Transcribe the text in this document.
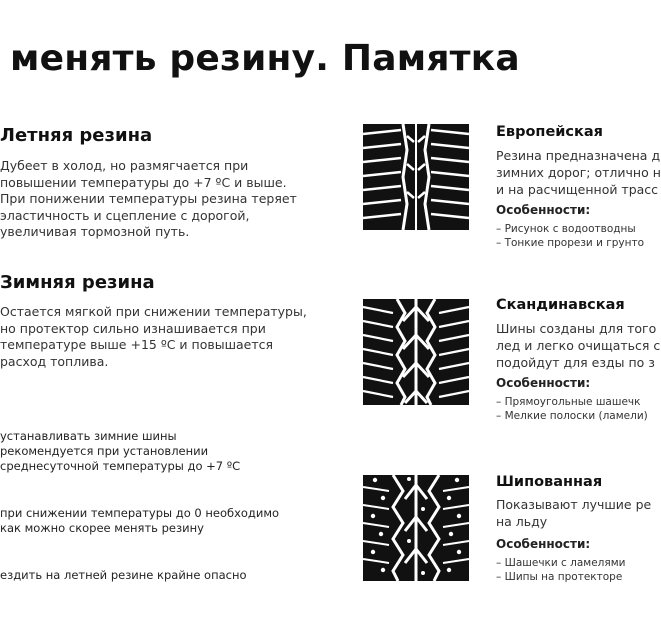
менять резину. Памятка
Летняя резина
Дубеет в холод, но размягчается при
повышении температуры до +7 ºС и выше.
При понижении температуры резина теряет
эластичность и сцепление с дорогой,
увеличивая тормозной путь.
Зимняя резина
Остается мягкой при снижении температуры,
но протектор сильно изнашивается при
температуре выше +15 ºС и повышается
расход топлива.
устанавливать зимние шины
рекомендуется при установлении
среднесуточной температуры до +7 ºС
при снижении температуры до 0 необходимо
как можно скорее менять резину
ездить на летней резине крайне опасно
Европейская
Резина предназначена д
зимних дорог; отлично н
и на расчищенной трасс
Особенности:
– Рисунок с водоотводны
– Тонкие прорези и грунто
Скандинавская
Шины созданы для тогo
лед и легко очищаться с
подойдут для езды по з
Особенности:
– Прямоугольные шашечк
– Мелкие полоски (ламели)
Шипованная
Показывают лучшие ре
на льду
Особенности:
– Шашечки с ламелями
– Шипы на протекторе
